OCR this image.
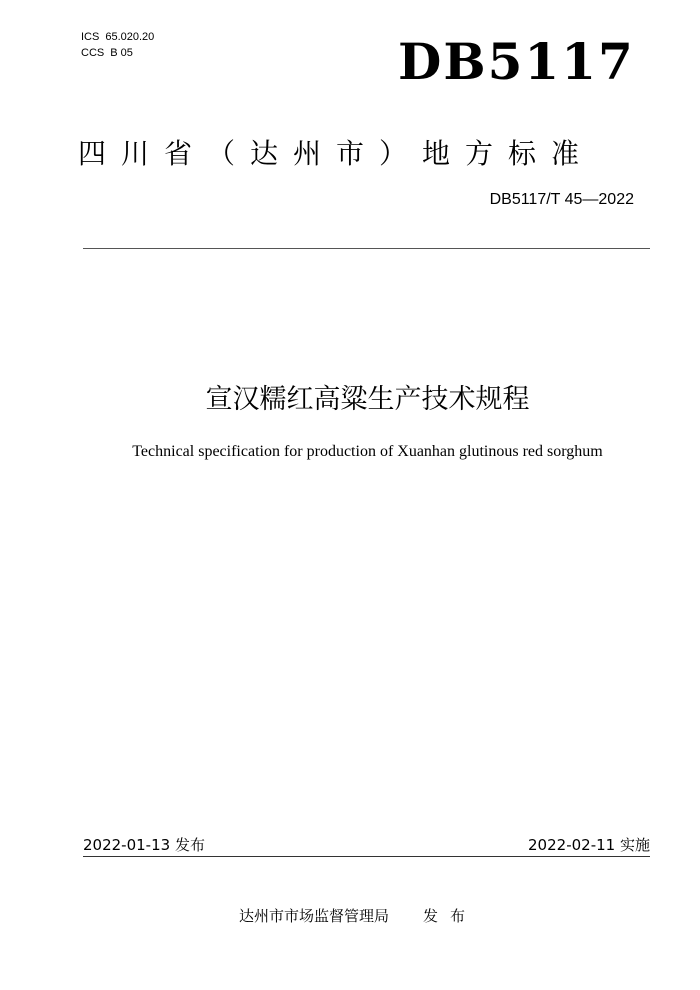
ICS 65.020.20
CCS B 05	DB5117
四川省（达州市）地方标准
DB5117/T 45—2022
宣汉糯红高粱生产技术规程
Technical specification for production of Xuanhan glutinous red sorghum
2022-01-13 发布	2022-02-11 实施
达州市市场监督管理局 发布
